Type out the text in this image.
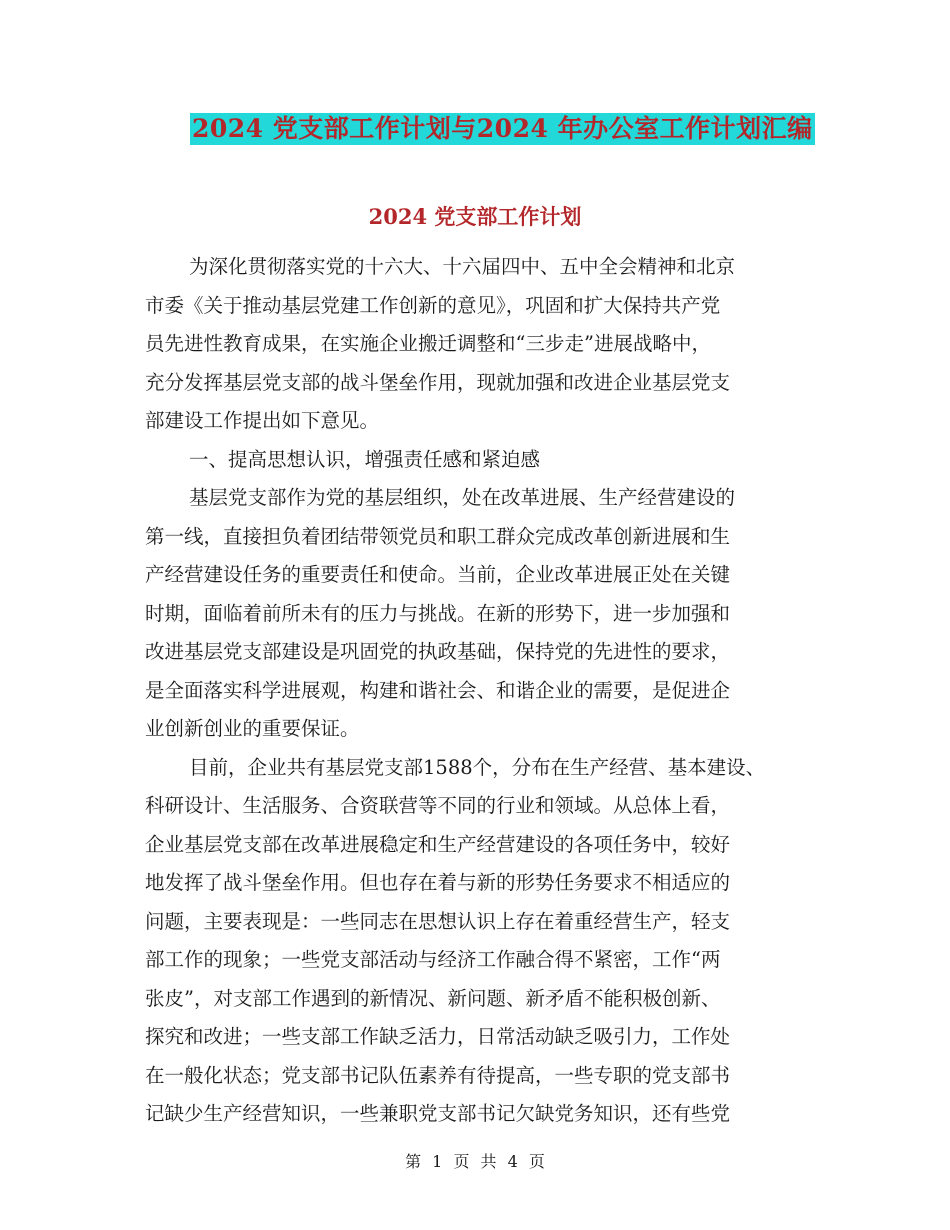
2024 党支部工作计划与2024 年办公室工作计划汇编
2024 党支部工作计划
为深化贯彻落实党的十六大、十六届四中、五中全会精神和北京
市委《关于推动基层党建工作创新的意见》，巩固和扩大保持共产党
员先进性教育成果，在实施企业搬迁调整和“三步走”进展战略中，
充分发挥基层党支部的战斗堡垒作用，现就加强和改进企业基层党支
部建设工作提出如下意见。
一、提高思想认识，增强责任感和紧迫感
基层党支部作为党的基层组织，处在改革进展、生产经营建设的
第一线，直接担负着团结带领党员和职工群众完成改革创新进展和生
产经营建设任务的重要责任和使命。当前，企业改革进展正处在关键
时期，面临着前所未有的压力与挑战。在新的形势下，进一步加强和
改进基层党支部建设是巩固党的执政基础，保持党的先进性的要求，
是全面落实科学进展观，构建和谐社会、和谐企业的需要，是促进企
业创新创业的重要保证。
目前，企业共有基层党支部1588个，分布在生产经营、基本建设、
科研设计、生活服务、合资联营等不同的行业和领域。从总体上看，
企业基层党支部在改革进展稳定和生产经营建设的各项任务中，较好
地发挥了战斗堡垒作用。但也存在着与新的形势任务要求不相适应的
问题，主要表现是：一些同志在思想认识上存在着重经营生产，轻支
部工作的现象；一些党支部活动与经济工作融合得不紧密，工作“两
张皮”，对支部工作遇到的新情况、新问题、新矛盾不能积极创新、
探究和改进；一些支部工作缺乏活力，日常活动缺乏吸引力，工作处
在一般化状态；党支部书记队伍素养有待提高，一些专职的党支部书
记缺少生产经营知识，一些兼职党支部书记欠缺党务知识，还有些党
第 1 页 共 4 页
